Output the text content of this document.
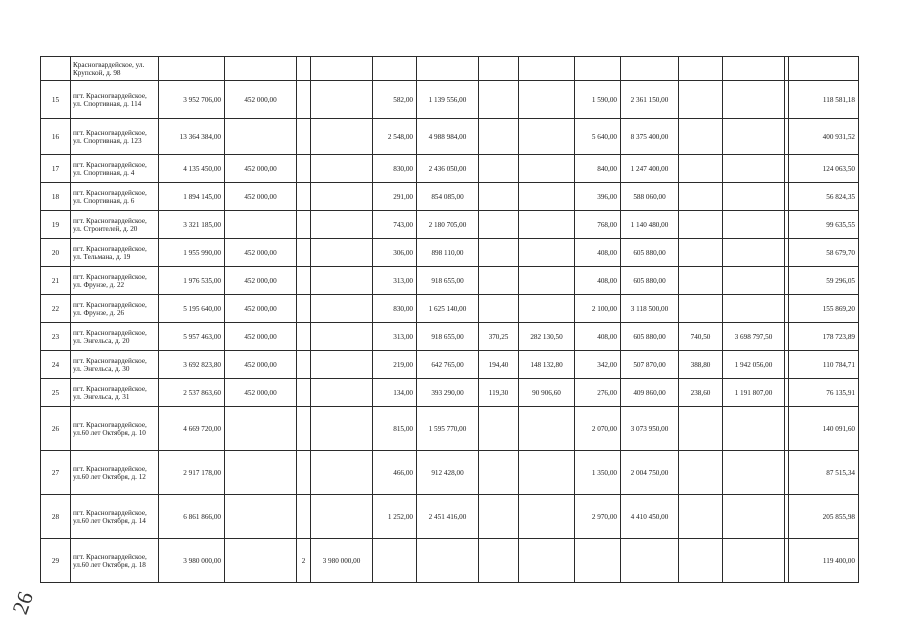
	Красногвардейское, ул. Крупской, д. 98														
15	пгт. Красногвардейское, ул. Спортивная, д. 114	3 952 706,00	452 000,00			582,00	1 139 556,00			1 590,00	2 361 150,00				118 581,18
16	пгт. Красногвардейское, ул. Спортивная, д. 123	13 364 384,00				2 548,00	4 988 984,00			5 640,00	8 375 400,00				400 931,52
17	пгт. Красногвардейское, ул. Спортивная, д. 4	4 135 450,00	452 000,00			830,00	2 436 050,00			840,00	1 247 400,00				124 063,50
18	пгт. Красногвардейское, ул. Спортивная, д. 6	1 894 145,00	452 000,00			291,00	854 085,00			396,00	588 060,00				56 824,35
19	пгт. Красногвардейское, ул. Строителей, д. 20	3 321 185,00				743,00	2 180 705,00			768,00	1 140 480,00				99 635,55
20	пгт. Красногвардейское, ул. Тельмана, д. 19	1 955 990,00	452 000,00			306,00	898 110,00			408,00	605 880,00				58 679,70
21	пгт. Красногвардейское, ул. Фрунзе, д. 22	1 976 535,00	452 000,00			313,00	918 655,00			408,00	605 880,00				59 296,05
22	пгт. Красногвардейское, ул. Фрунзе, д. 26	5 195 640,00	452 000,00			830,00	1 625 140,00			2 100,00	3 118 500,00				155 869,20
23	пгт. Красногвардейское, ул. Энгельса, д. 20	5 957 463,00	452 000,00			313,00	918 655,00	370,25	282 130,50	408,00	605 880,00	740,50	3 698 797,50		178 723,89
24	пгт. Красногвардейское, ул. Энгельса, д. 30	3 692 823,80	452 000,00			219,00	642 765,00	194,40	148 132,80	342,00	507 870,00	388,80	1 942 056,00		110 784,71
25	пгт. Красногвардейское, ул. Энгельса, д. 31	2 537 863,60	452 000,00			134,00	393 290,00	119,30	90 906,60	276,00	409 860,00	238,60	1 191 807,00		76 135,91
26	пгт. Красногвардейское, ул.60 лет Октября, д. 10	4 669 720,00				815,00	1 595 770,00			2 070,00	3 073 950,00				140 091,60
27	пгт. Красногвардейское, ул.60 лет Октября, д. 12	2 917 178,00				466,00	912 428,00			1 350,00	2 004 750,00				87 515,34
28	пгт. Красногвардейское, ул.60 лет Октября, д. 14	6 861 866,00				1 252,00	2 451 416,00			2 970,00	4 410 450,00				205 855,98
29	пгт. Красногвардейское, ул.60 лет Октября, д. 18	3 980 000,00		2	3 980 000,00										119 400,00
26
